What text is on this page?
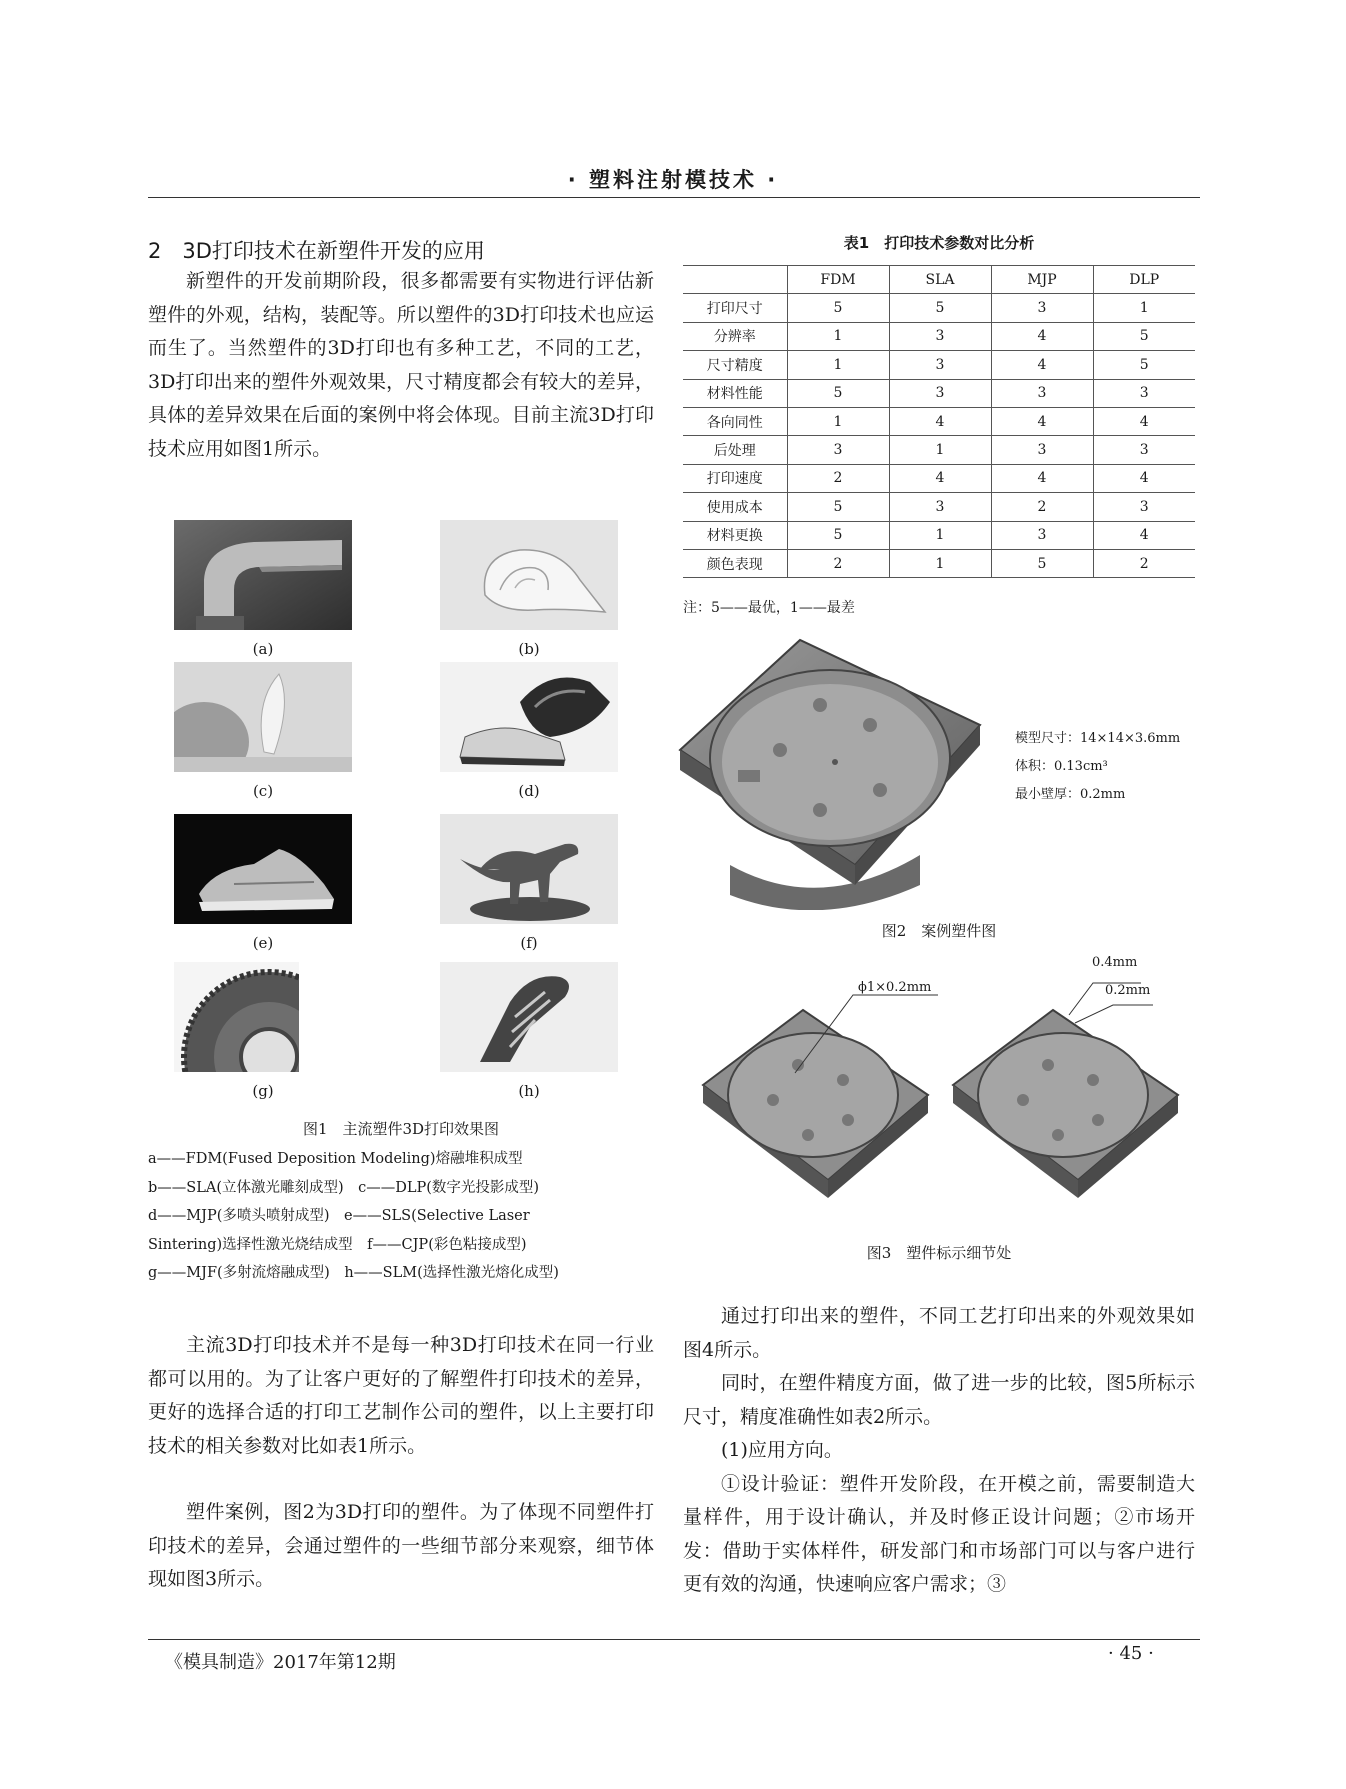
· 塑料注射模技术 ·
2　3D打印技术在新塑件开发的应用

新塑件的开发前期阶段，很多都需要有实物进行评估新塑件的外观，结构，装配等。所以塑件的3D打印技术也应运而生了。当然塑件的3D打印也有多种工艺，不同的工艺，3D打印出来的塑件外观效果，尺寸精度都会有较大的差异，具体的差异效果在后面的案例中将会体现。目前主流3D打印技术应用如图1所示。

(a)	(b)
(c)	(d)
(e)	(f)
(g)	(h)
图1　主流塑件3D打印效果图
a——FDM(Fused Deposition Modeling)熔融堆积成型
b——SLA(立体激光雕刻成型)　c——DLP(数字光投影成型)
d——MJP(多喷头喷射成型)　e——SLS(Selective Laser
Sintering)选择性激光烧结成型　f——CJP(彩色粘接成型)
g——MJF(多射流熔融成型)　h——SLM(选择性激光熔化成型)

主流3D打印技术并不是每一种3D打印技术在同一行业都可以用的。为了让客户更好的了解塑件打印技术的差异，更好的选择合适的打印工艺制作公司的塑件，以上主要打印技术的相关参数对比如表1所示。

塑件案例，图2为3D打印的塑件。为了体现不同塑件打印技术的差异，会通过塑件的一些细节部分来观察，细节体现如图3所示。

表1　打印技术参数对比分析
	FDM	SLA	MJP	DLP
打印尺寸	5	5	3	1
分辨率	1	3	4	5
尺寸精度	1	3	4	5
材料性能	5	3	3	3
各向同性	1	4	4	4
后处理	3	1	3	3
打印速度	2	4	4	4
使用成本	5	3	2	3
材料更换	5	1	3	4
颜色表现	2	1	5	2
注：5——最优，1——最差
模型尺寸：14×14×3.6mm
体积：0.13cm³
最小壁厚：0.2mm
图2　案例塑件图
ϕ1×0.2mm
0.4mm
0.2mm
图3　塑件标示细节处

通过打印出来的塑件，不同工艺打印出来的外观效果如图4所示。

同时，在塑件精度方面，做了进一步的比较，图5所标示尺寸，精度准确性如表2所示。

(1)应用方向。

①设计验证：塑件开发阶段，在开模之前，需要制造大量样件，用于设计确认，并及时修正设计问题；②市场开发：借助于实体样件，研发部门和市场部门可以与客户进行更有效的沟通，快速响应客户需求；③

《模具制造》2017年第12期	· 45 ·
